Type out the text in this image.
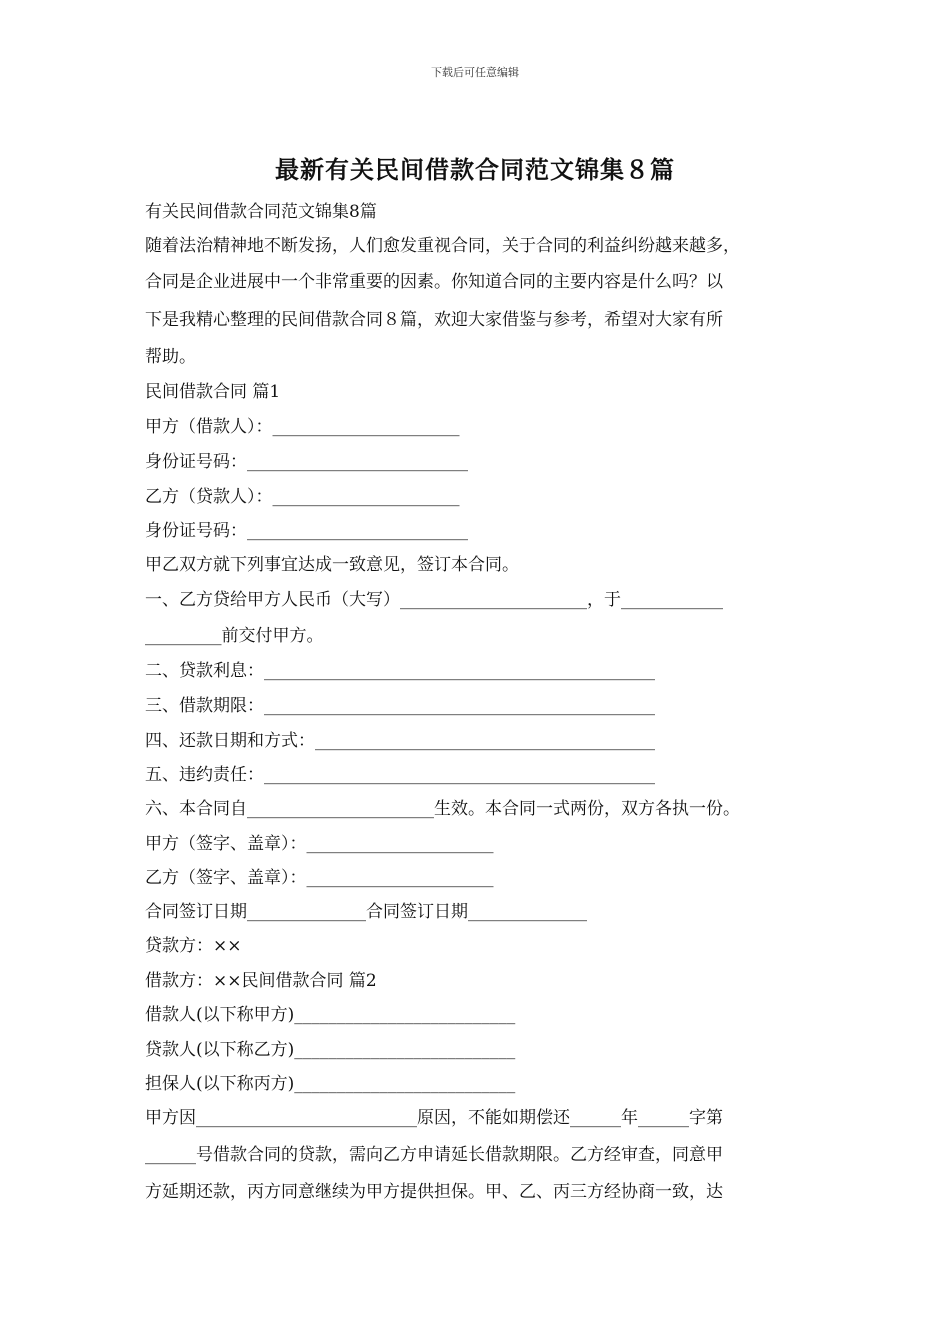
下载后可任意编辑
最新有关民间借款合同范文锦集８篇
有关民间借款合同范文锦集8篇
随着法治精神地不断发扬，人们愈发重视合同，关于合同的利益纠纷越来越多，
合同是企业进展中一个非常重要的因素。你知道合同的主要内容是什么吗？以
下是我精心整理的民间借款合同８篇，欢迎大家借鉴与参考，希望对大家有所
帮助。
民间借款合同 篇1
甲方（借款人）：______________________
身份证号码：__________________________
乙方（贷款人）：______________________
身份证号码：__________________________
甲乙双方就下列事宜达成一致意见，签订本合同。
一、乙方贷给甲方人民币（大写）______________________，于____________
_________前交付甲方。
二、贷款利息：______________________________________________
三、借款期限：______________________________________________
四、还款日期和方式：________________________________________
五、违约责任：______________________________________________
六、本合同自______________________生效。本合同一式两份，双方各执一份。
甲方（签字、盖章）：______________________
乙方（签字、盖章）：______________________
合同签订日期______________合同签订日期______________
贷款方：××
借款方：××民间借款合同 篇2
借款人(以下称甲方)__________________________
贷款人(以下称乙方)__________________________
担保人(以下称丙方)__________________________
甲方因__________________________原因，不能如期偿还______年______字第
______号借款合同的贷款，需向乙方申请延长借款期限。乙方经审查，同意甲
方延期还款，丙方同意继续为甲方提供担保。甲、乙、丙三方经协商一致，达
